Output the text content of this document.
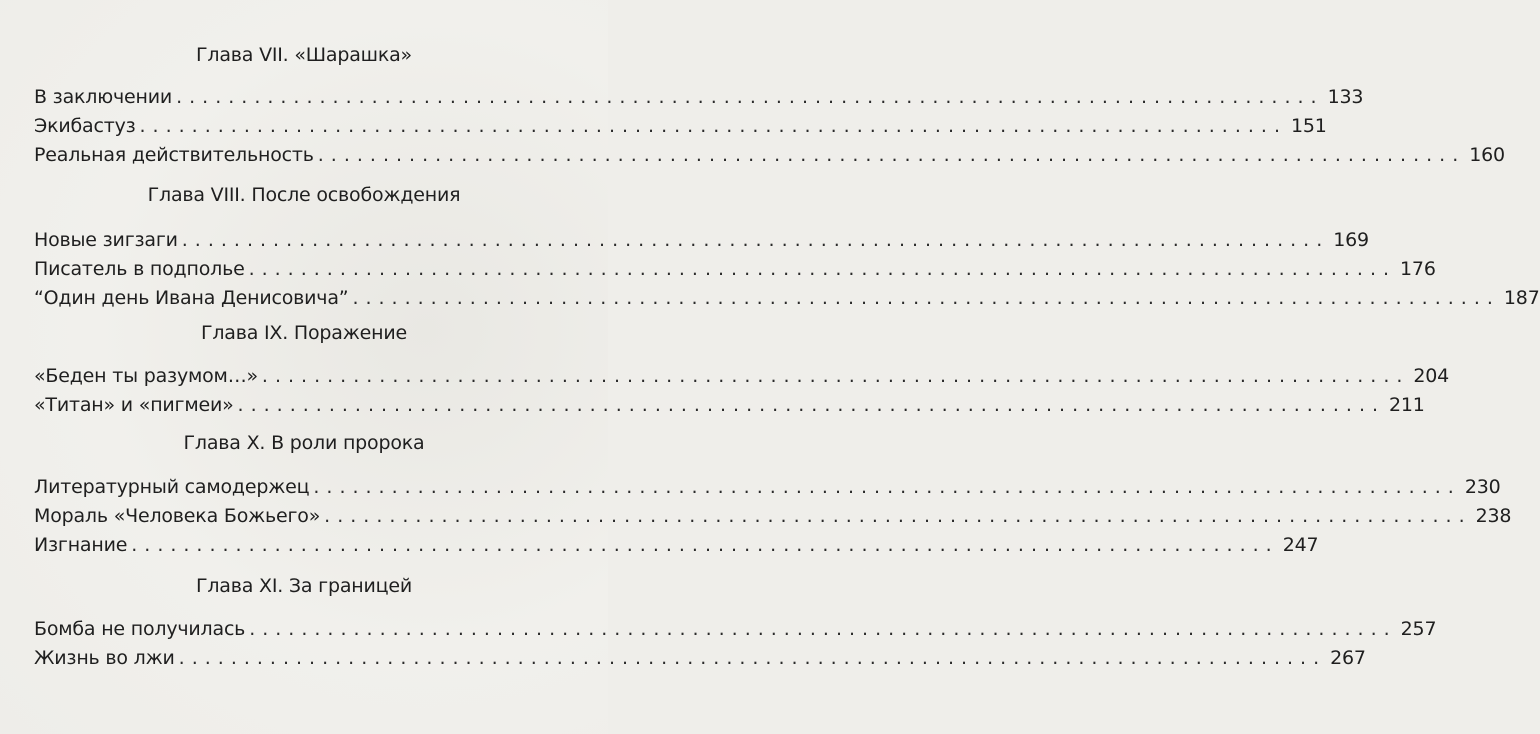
Глава VII. «Шарашка»
В заключении ........................................................................................ 133
Экибастуз ........................................................................................ 151
Реальная действительность ........................................................................................ 160
Глава VIII. После освобождения
Новые зигзаги ........................................................................................ 169
Писатель в подполье ........................................................................................ 176
“Один день Ивана Денисовича” ........................................................................................ 187
Глава IX. Поражение
«Беден ты разумом…» ........................................................................................ 204
«Титан» и «пигмеи» ........................................................................................ 211
Глава X. В роли пророка
Литературный самодержец ........................................................................................ 230
Мораль «Человека Божьего» ........................................................................................ 238
Изгнание ........................................................................................ 247
Глава XI. За границей
Бомба не получилась ........................................................................................ 257
Жизнь во лжи ........................................................................................ 267
